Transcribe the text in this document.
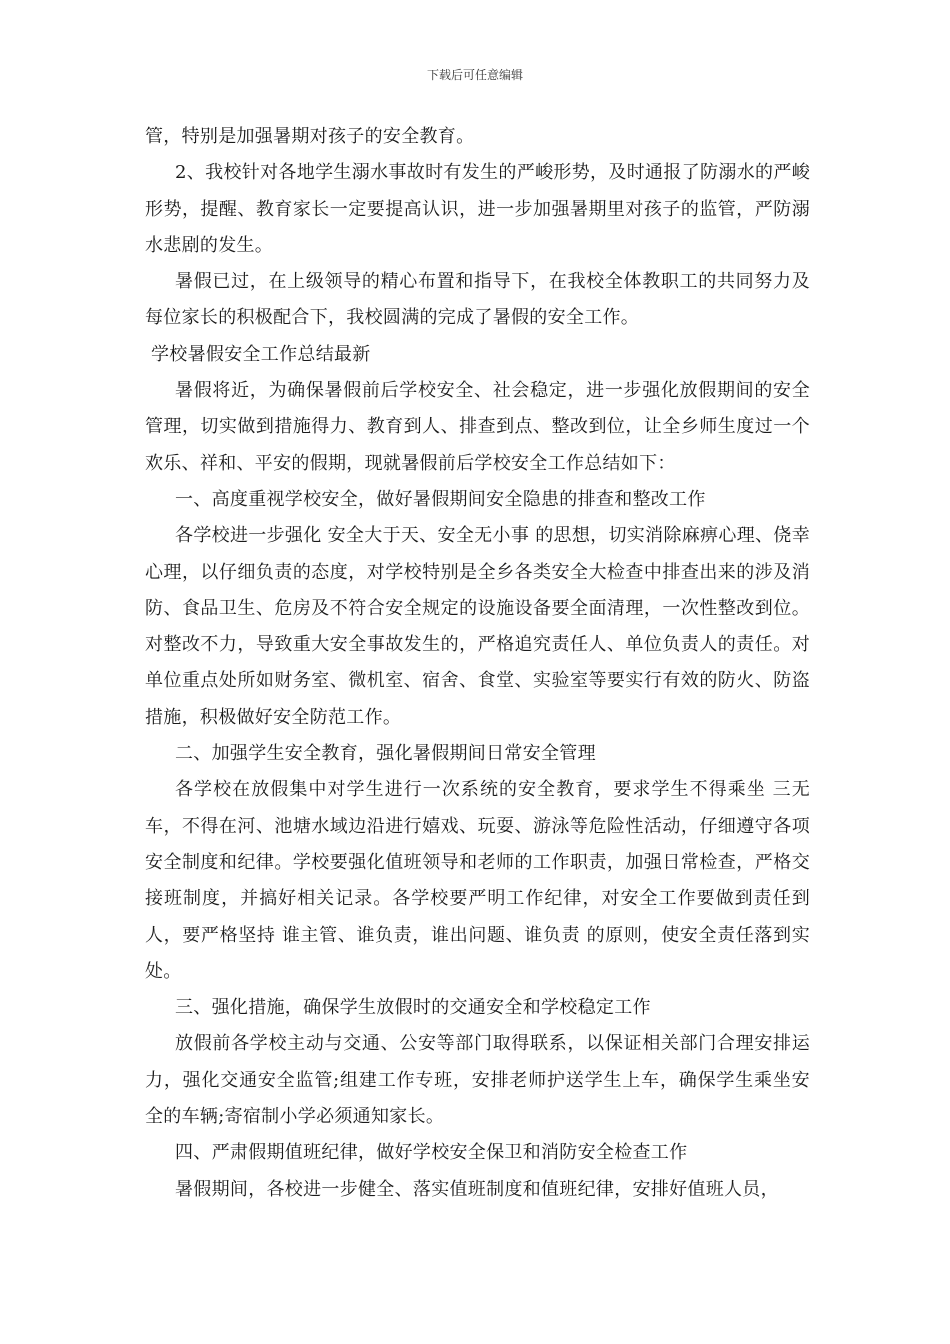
下载后可任意编辑

管，特别是加强暑期对孩子的安全教育。

2、我校针对各地学生溺水事故时有发生的严峻形势，及时通报了防溺水的严峻形势，提醒、教育家长一定要提高认识，进一步加强暑期里对孩子的监管，严防溺水悲剧的发生。

暑假已过，在上级领导的精心布置和指导下，在我校全体教职工的共同努力及每位家长的积极配合下，我校圆满的完成了暑假的安全工作。

学校暑假安全工作总结最新

暑假将近，为确保暑假前后学校安全、社会稳定，进一步强化放假期间的安全管理，切实做到措施得力、教育到人、排查到点、整改到位，让全乡师生度过一个欢乐、祥和、平安的假期，现就暑假前后学校安全工作总结如下：

一、高度重视学校安全，做好暑假期间安全隐患的排查和整改工作

各学校进一步强化 安全大于天、安全无小事 的思想，切实消除麻痹心理、侥幸心理，以仔细负责的态度，对学校特别是全乡各类安全大检查中排查出来的涉及消防、食品卫生、危房及不符合安全规定的设施设备要全面清理，一次性整改到位。对整改不力，导致重大安全事故发生的，严格追究责任人、单位负责人的责任。对单位重点处所如财务室、微机室、宿舍、食堂、实验室等要实行有效的防火、防盗措施，积极做好安全防范工作。

二、加强学生安全教育，强化暑假期间日常安全管理

各学校在放假集中对学生进行一次系统的安全教育，要求学生不得乘坐 三无 车，不得在河、池塘水域边沿进行嬉戏、玩耍、游泳等危险性活动，仔细遵守各项安全制度和纪律。学校要强化值班领导和老师的工作职责，加强日常检查，严格交接班制度，并搞好相关记录。各学校要严明工作纪律，对安全工作要做到责任到人，要严格坚持 谁主管、谁负责，谁出问题、谁负责 的原则，使安全责任落到实处。

三、强化措施，确保学生放假时的交通安全和学校稳定工作

放假前各学校主动与交通、公安等部门取得联系，以保证相关部门合理安排运力，强化交通安全监管;组建工作专班，安排老师护送学生上车，确保学生乘坐安全的车辆;寄宿制小学必须通知家长。

四、严肃假期值班纪律，做好学校安全保卫和消防安全检查工作

暑假期间，各校进一步健全、落实值班制度和值班纪律，安排好值班人员，
